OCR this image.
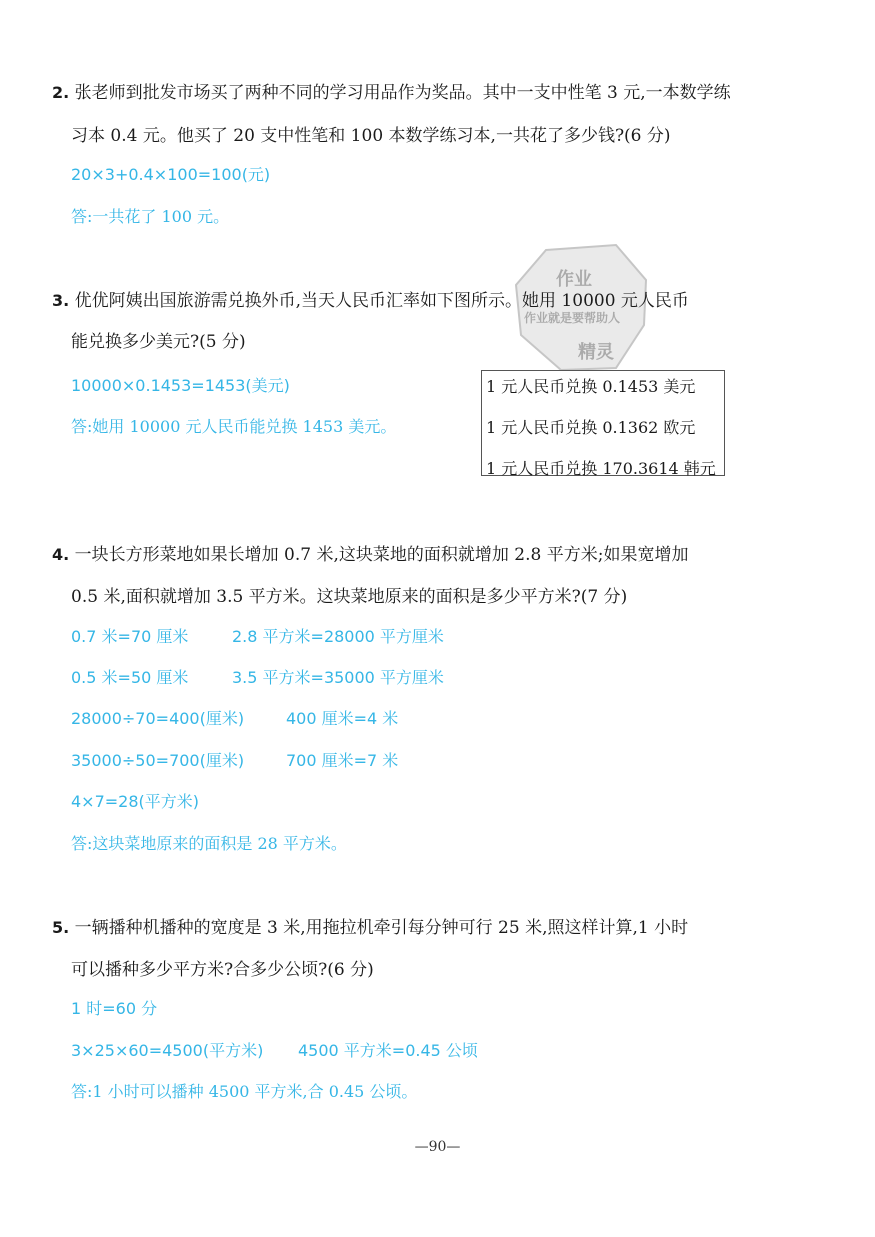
2. 张老师到批发市场买了两种不同的学习用品作为奖品。其中一支中性笔 3 元,一本数学练
习本 0.4 元。他买了 20 支中性笔和 100 本数学练习本,一共花了多少钱?(6 分)
20×3+0.4×100=100(元)
答:一共花了 100 元。
作业
作业就是要帮助人
精灵
3. 优优阿姨出国旅游需兑换外币,当天人民币汇率如下图所示。她用 10000 元人民币
能兑换多少美元?(5 分)
10000×0.1453=1453(美元)
答:她用 10000 元人民币能兑换 1453 美元。
1 元人民币兑换 0.1453 美元
1 元人民币兑换 0.1362 欧元
1 元人民币兑换 170.3614 韩元
4. 一块长方形菜地如果长增加 0.7 米,这块菜地的面积就增加 2.8 平方米;如果宽增加
0.5 米,面积就增加 3.5 平方米。这块菜地原来的面积是多少平方米?(7 分)
0.7 米=70 厘米	2.8 平方米=28000 平方厘米
0.5 米=50 厘米	3.5 平方米=35000 平方厘米
28000÷70=400(厘米)	400 厘米=4 米
35000÷50=700(厘米)	700 厘米=7 米
4×7=28(平方米)
答:这块菜地原来的面积是 28 平方米。
5. 一辆播种机播种的宽度是 3 米,用拖拉机牵引每分钟可行 25 米,照这样计算,1 小时
可以播种多少平方米?合多少公顷?(6 分)
1 时=60 分
3×25×60=4500(平方米) 4500 平方米=0.45 公顷
答:1 小时可以播种 4500 平方米,合 0.45 公顷。
—90—
